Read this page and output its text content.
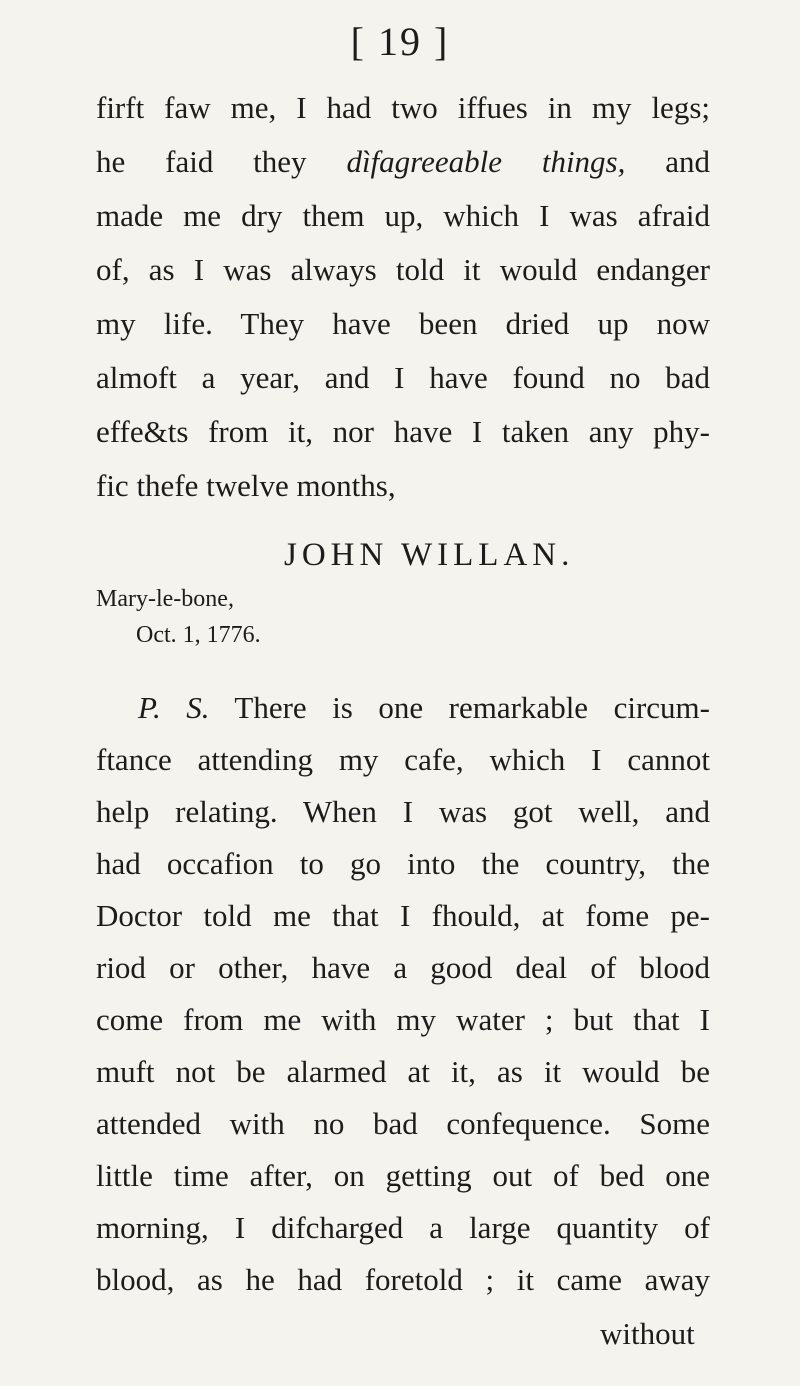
[ 19 ]
firft faw me, I had two iffues in my legs;
he faid they dìfagreeable things, and
made me dry them up, which I was afraid
of, as I was always told it would endanger
my life. They have been dried up now
almoft a year, and I have found no bad
effe&ts from it, nor have I taken any phy-
fic thefe twelve months,
JOHN WILLAN.
Mary-le-bone,
Oct. 1, 1776.
P. S. There is one remarkable circum-
ftance attending my cafe, which I cannot
help relating. When I was got well, and
had occafion to go into the country, the
Doctor told me that I fhould, at fome pe-
riod or other, have a good deal of blood
come from me with my water ; but that I
muft not be alarmed at it, as it would be
attended with no bad confequence. Some
little time after, on getting out of bed one
morning, I difcharged a large quantity of
blood, as he had foretold ; it came away
without
